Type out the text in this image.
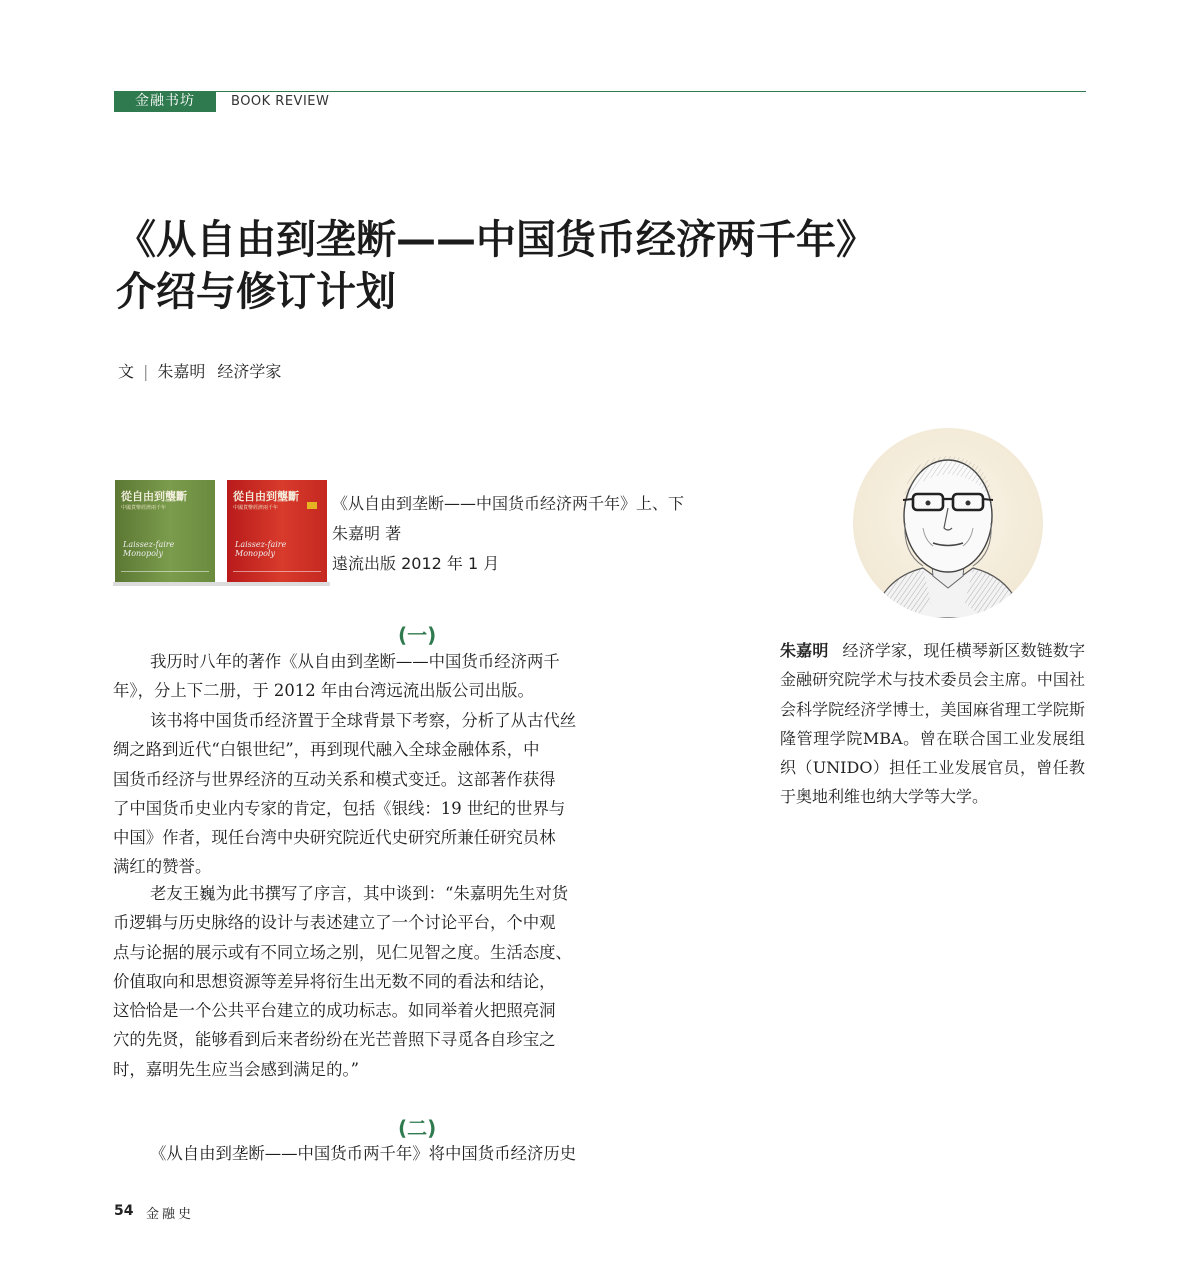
金融书坊	BOOK REVIEW
《从自由到垄断——中国货币经济两千年》
介绍与修订计划
文 | 朱嘉明 经济学家
從自由到壟斷
中國貨幣經濟兩千年
Laissez-faire
Monopoly
從自由到壟斷
中國貨幣經濟兩千年
Laissez-faire
Monopoly
《从自由到垄断——中国货币经济两千年》上、下
朱嘉明 著
遠流出版 2012 年 1 月

朱嘉明 经济学家，现任横琴新区数链数字金融研究院学术与技术委员会主席。中国社会科学院经济学博士，美国麻省理工学院斯隆管理学院MBA。曾在联合国工业发展组织（UNIDO）担任工业发展官员，曾任教于奥地利维也纳大学等大学。

(一)

我历时八年的著作《从自由到垄断——中国货币经济两千
年》，分上下二册，于 2012 年由台湾远流出版公司出版。

该书将中国货币经济置于全球背景下考察，分析了从古代丝
绸之路到近代“白银世纪”，再到现代融入全球金融体系，中
国货币经济与世界经济的互动关系和模式变迁。这部著作获得
了中国货币史业内专家的肯定，包括《银线：19 世纪的世界与
中国》作者，现任台湾中央研究院近代史研究所兼任研究员林
满红的赞誉。

老友王巍为此书撰写了序言，其中谈到：“朱嘉明先生对货
币逻辑与历史脉络的设计与表述建立了一个讨论平台，个中观
点与论据的展示或有不同立场之别，见仁见智之度。生活态度、
价值取向和思想资源等差异将衍生出无数不同的看法和结论，
这恰恰是一个公共平台建立的成功标志。如同举着火把照亮洞
穴的先贤，能够看到后来者纷纷在光芒普照下寻觅各自珍宝之
时，嘉明先生应当会感到满足的。”

(二)

《从自由到垄断——中国货币两千年》将中国货币经济历史

54 金融史
